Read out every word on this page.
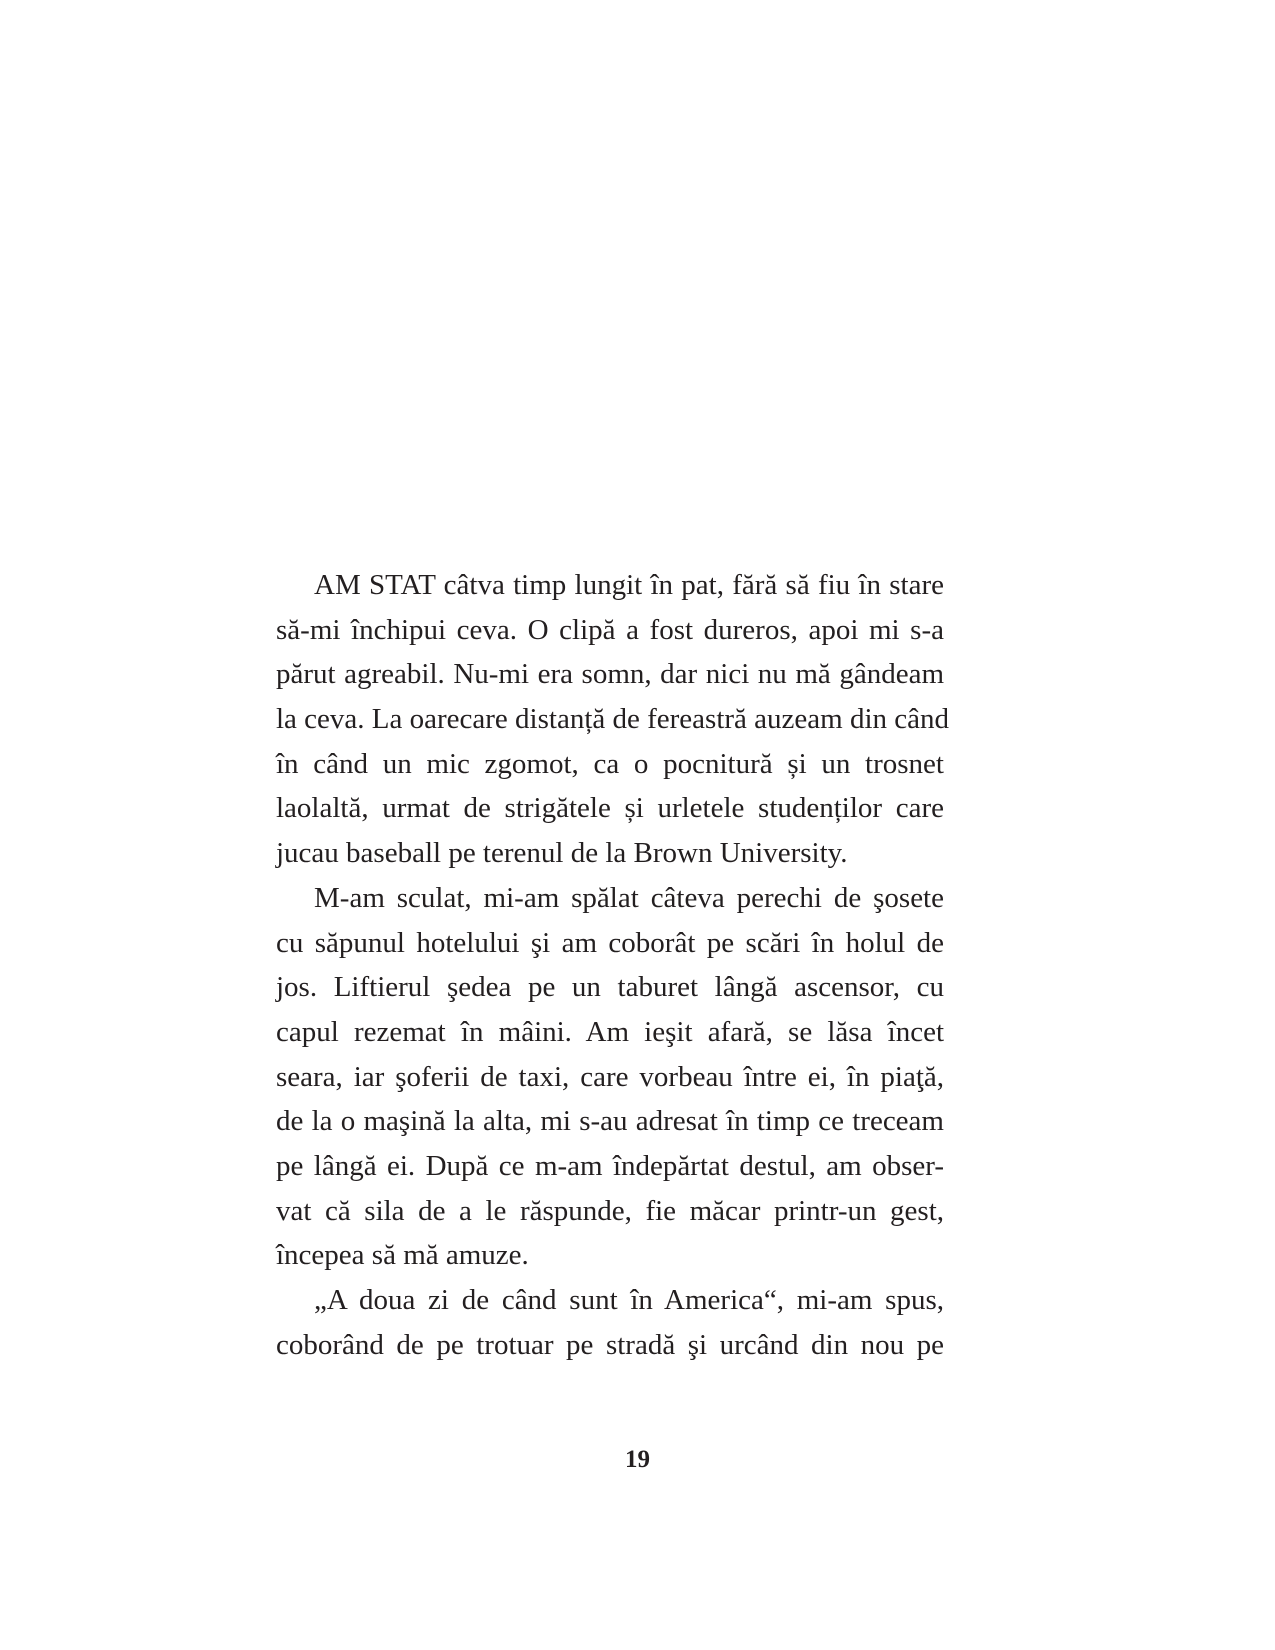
AM STAT câtva timp lungit în pat, fără să fiu în stare
să-mi închipui ceva. O clipă a fost dureros, apoi mi s-a
părut agreabil. Nu-mi era somn, dar nici nu mă gândeam
la ceva. La oarecare distanță de fereastră auzeam din când
în când un mic zgomot, ca o pocnitură și un trosnet
laolaltă, urmat de strigătele și urletele studenților care
jucau baseball pe terenul de la Brown University.
M-am sculat, mi-am spălat câteva perechi de şosete
cu săpunul hotelului şi am coborât pe scări în holul de
jos. Liftierul şedea pe un taburet lângă ascensor, cu
capul rezemat în mâini. Am ieşit afară, se lăsa încet
seara, iar şoferii de taxi, care vorbeau între ei, în piaţă,
de la o maşină la alta, mi s-au adresat în timp ce treceam
pe lângă ei. După ce m-am îndepărtat destul, am obser-
vat că sila de a le răspunde, fie măcar printr-un gest,
începea să mă amuze.
„A doua zi de când sunt în America“, mi-am spus,
coborând de pe trotuar pe stradă şi urcând din nou pe
19
